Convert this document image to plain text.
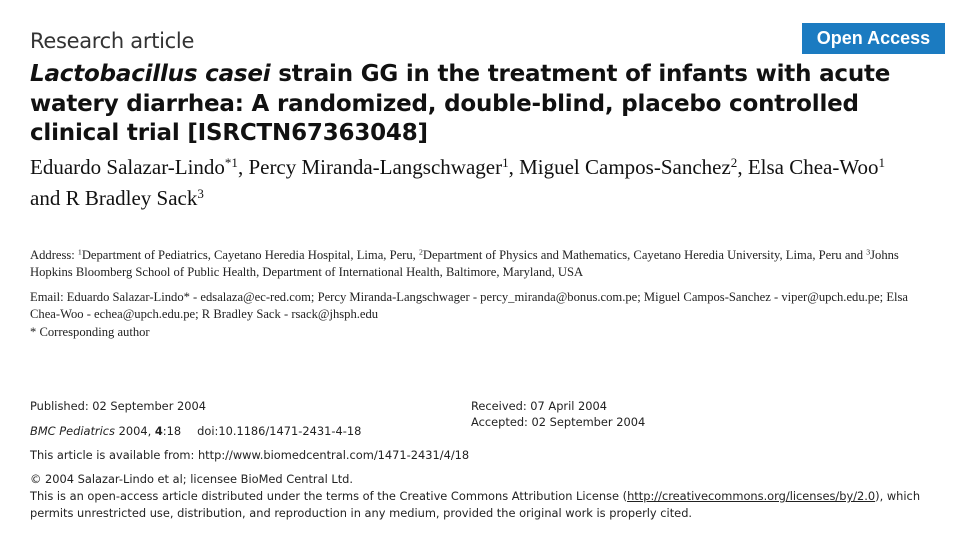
Research article	Open Access
Lactobacillus casei strain GG in the treatment of infants with acute watery diarrhea: A randomized, double-blind, placebo controlled clinical trial [ISRCTN67363048]
Eduardo Salazar-Lindo$^{*1}$, Percy Miranda-Langschwager$^1$, Miguel Campos-Sanchez$^2$, Elsa Chea-Woo$^1$ and R Bradley Sack$^3$
Address: $^1$Department of Pediatrics, Cayetano Heredia Hospital, Lima, Peru, $^2$Department of Physics and Mathematics, Cayetano Heredia University, Lima, Peru and $^3$Johns Hopkins Bloomberg School of Public Health, Department of International Health, Baltimore, Maryland, USA
Email: Eduardo Salazar-Lindo* - edsalaza@ec-red.com; Percy Miranda-Langschwager - percy_miranda@bonus.com.pe; Miguel Campos-Sanchez - viper@upch.edu.pe; Elsa Chea-Woo - echea@upch.edu.pe; R Bradley Sack - rsack@jhsph.edu
* Corresponding author
Published: 02 September 2004	Received: 07 April 2004
Accepted: 02 September 2004
BMC Pediatrics 2004, 4:18 doi:10.1186/1471-2431-4-18
This article is available from: http://www.biomedcentral.com/1471-2431/4/18
© 2004 Salazar-Lindo et al; licensee BioMed Central Ltd.
This is an open-access article distributed under the terms of the Creative Commons Attribution License (http://creativecommons.org/licenses/by/2.0), which permits unrestricted use, distribution, and reproduction in any medium, provided the original work is properly cited.
